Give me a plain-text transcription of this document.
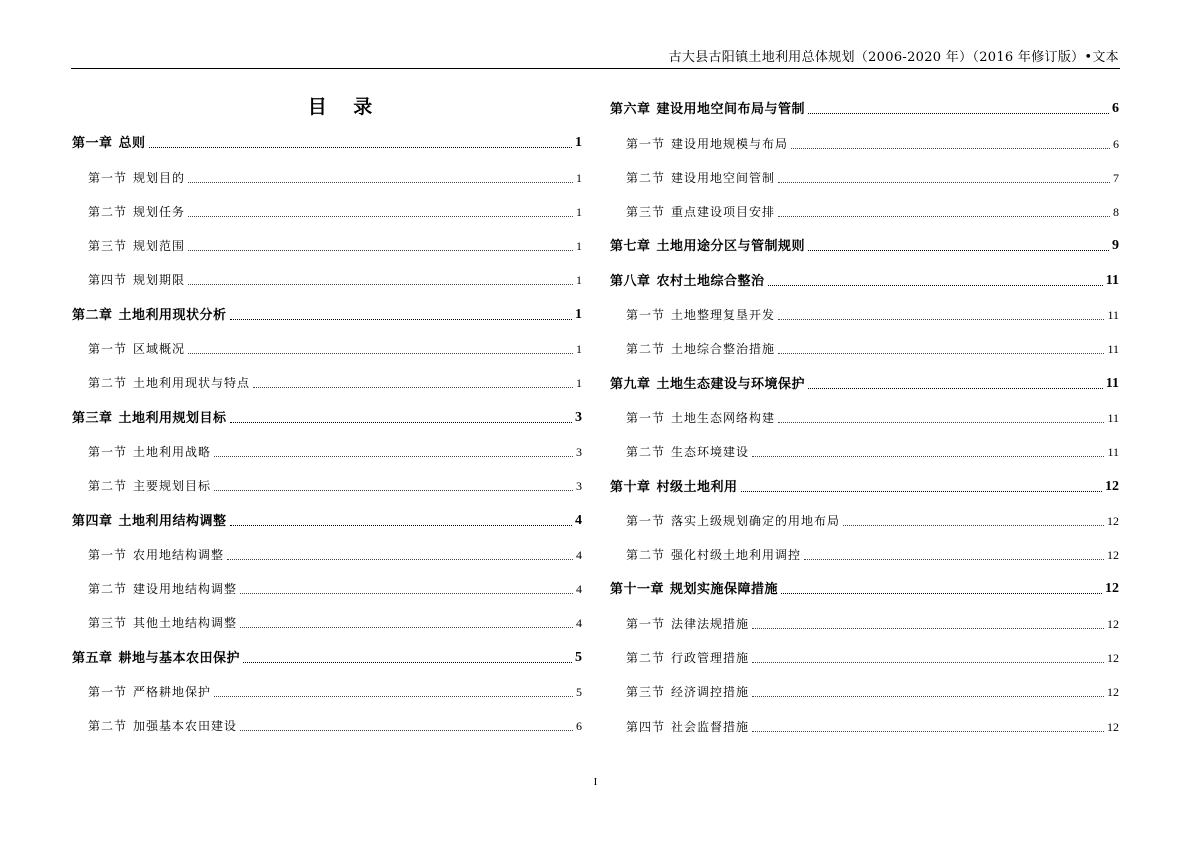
古大县古阳镇土地利用总体规划（2006-2020 年）（2016 年修订版）•文本
目 录
第一章 总则	1
第一节 规划目的	1
第二节 规划任务	1
第三节 规划范围	1
第四节 规划期限	1
第二章 土地利用现状分析	1
第一节 区域概况	1
第二节 土地利用现状与特点	1
第三章 土地利用规划目标	3
第一节 土地利用战略	3
第二节 主要规划目标	3
第四章 土地利用结构调整	4
第一节 农用地结构调整	4
第二节 建设用地结构调整	4
第三节 其他土地结构调整	4
第五章 耕地与基本农田保护	5
第一节 严格耕地保护	5
第二节 加强基本农田建设	6
第六章 建设用地空间布局与管制	6
第一节 建设用地规模与布局	6
第二节 建设用地空间管制	7
第三节 重点建设项目安排	8
第七章 土地用途分区与管制规则	9
第八章 农村土地综合整治	11
第一节 土地整理复垦开发	11
第二节 土地综合整治措施	11
第九章 土地生态建设与环境保护	11
第一节 土地生态网络构建	11
第二节 生态环境建设	11
第十章 村级土地利用	12
第一节 落实上级规划确定的用地布局	12
第二节 强化村级土地利用调控	12
第十一章 规划实施保障措施	12
第一节 法律法规措施	12
第二节 行政管理措施	12
第三节 经济调控措施	12
第四节 社会监督措施	12
I
